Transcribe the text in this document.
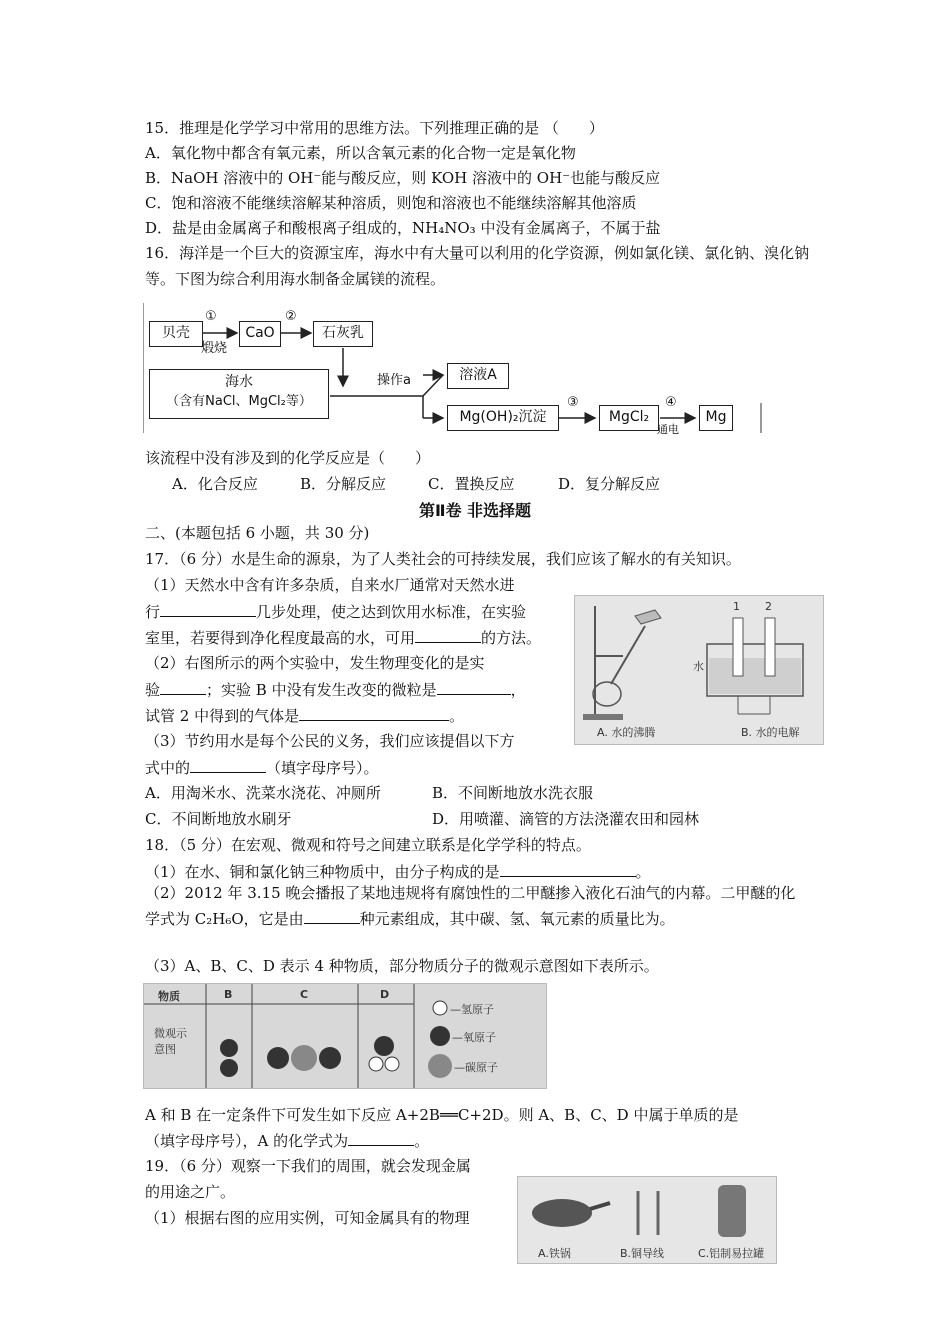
15．推理是化学学习中常用的思维方法。下列推理正确的是 （　　）
A．氧化物中都含有氧元素，所以含氧元素的化合物一定是氧化物
B．NaOH 溶液中的 OH⁻能与酸反应，则 KOH 溶液中的 OH⁻也能与酸反应
C．饱和溶液不能继续溶解某种溶质，则饱和溶液也不能继续溶解其他溶质
D．盐是由金属离子和酸根离子组成的，NH₄NO₃ 中没有金属离子，不属于盐
16．海洋是一个巨大的资源宝库，海水中有大量可以利用的化学资源，例如氯化镁、氯化钠、溴化钠等。下图为综合利用海水制备金属镁的流程。
贝壳
①
煅烧
CaO
②
石灰乳
海水
（含有NaCl、MgCl₂等）
操作a	溶液A
Mg(OH)₂沉淀
③
MgCl₂
④
通电
Mg
该流程中没有涉及到的化学反应是（　　）
A．化合反应	B．分解反应	C．置换反应	D．复分解反应
第Ⅱ卷 非选择题
二、(本题包括 6 小题，共 30 分)
17．（6 分）水是生命的源泉，为了人类社会的可持续发展，我们应该了解水的有关知识。
（1）天然水中含有许多杂质，自来水厂通常对天然水进
行	几步处理，使之达到饮用水标准，在实验
室里，若要得到净化程度最高的水，可用	的方法。
（2）右图所示的两个实验中，发生物理变化的是实
验	；实验 B 中没有发生改变的微粒是	，
试管 2 中得到的气体是	。
（3）节约用水是每个公民的义务，我们应该提倡以下方
式中的	（填字母序号）。
A．用淘米水、洗菜水浇花、冲厕所	B．不间断地放水洗衣服
C．不间断地放水刷牙	D．用喷灌、滴管的方法浇灌农田和园林
1 2
水
A. 水的沸腾	B. 水的电解
18．（5 分）在宏观、微观和符号之间建立联系是化学学科的特点。
（1）在水、铜和氯化钠三种物质中，由分子构成的是	。
（2）2012 年 3.15 晚会播报了某地违规将有腐蚀性的二甲醚掺入液化石油气的内幕。二甲醚的化学式为 C₂H₆O，它是由	种元素组成，其中碳、氢、氧元素的质量比为。
（3）A、B、C、D 表示 4 种物质，部分物质分子的微观示意图如下表所示。
物质	B	C	D
微观示意图
—氢原子
—氧原子
—碳原子
A 和 B 在一定条件下可发生如下反应 A+2B══C+2D。则 A、B、C、D 中属于单质的是
（填字母序号），A 的化学式为	。
19．（6 分）观察一下我们的周围，就会发现金属
的用途之广。
（1）根据右图的应用实例，可知金属具有的物理
A.铁锅	B.铜导线	C.铝制易拉罐
